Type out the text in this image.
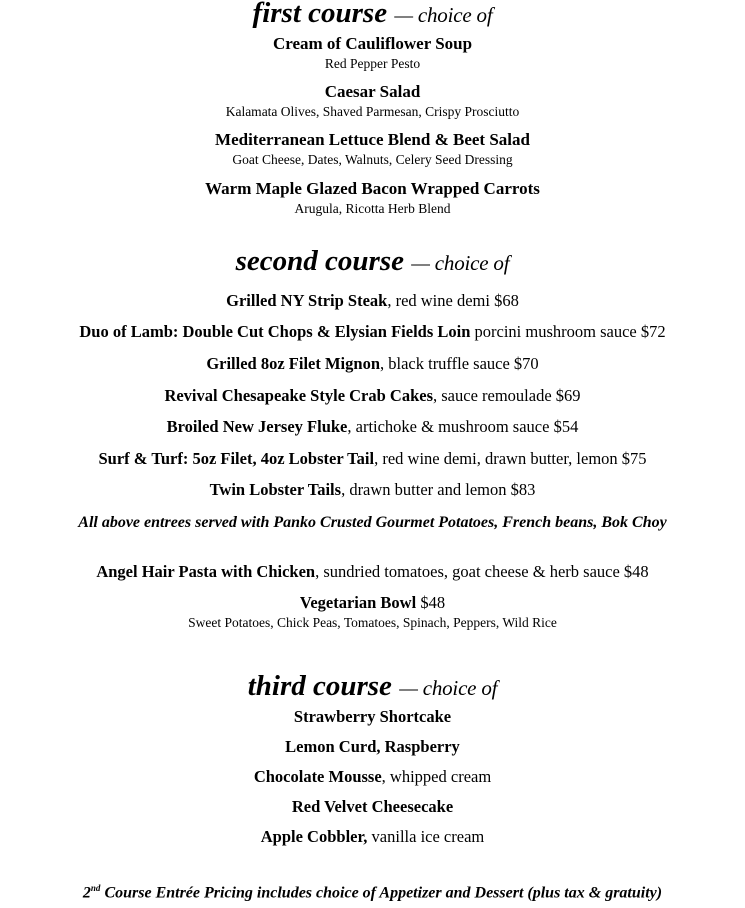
first course — choice of
Cream of Cauliflower Soup
Red Pepper Pesto
Caesar Salad
Kalamata Olives, Shaved Parmesan, Crispy Prosciutto
Mediterranean Lettuce Blend & Beet Salad
Goat Cheese, Dates, Walnuts, Celery Seed Dressing
Warm Maple Glazed Bacon Wrapped Carrots
Arugula, Ricotta Herb Blend
second course — choice of
Grilled NY Strip Steak, red wine demi $68
Duo of Lamb: Double Cut Chops & Elysian Fields Loin porcini mushroom sauce $72
Grilled 8oz Filet Mignon, black truffle sauce $70
Revival Chesapeake Style Crab Cakes, sauce remoulade $69
Broiled New Jersey Fluke, artichoke & mushroom sauce $54
Surf & Turf: 5oz Filet, 4oz Lobster Tail, red wine demi, drawn butter, lemon $75
Twin Lobster Tails, drawn butter and lemon $83
All above entrees served with Panko Crusted Gourmet Potatoes, French beans, Bok Choy
Angel Hair Pasta with Chicken, sundried tomatoes, goat cheese & herb sauce $48
Vegetarian Bowl $48
Sweet Potatoes, Chick Peas, Tomatoes, Spinach, Peppers, Wild Rice
third course — choice of
Strawberry Shortcake
Lemon Curd, Raspberry
Chocolate Mousse, whipped cream
Red Velvet Cheesecake
Apple Cobbler, vanilla ice cream
2nd Course Entrée Pricing includes choice of Appetizer and Dessert (plus tax & gratuity)
